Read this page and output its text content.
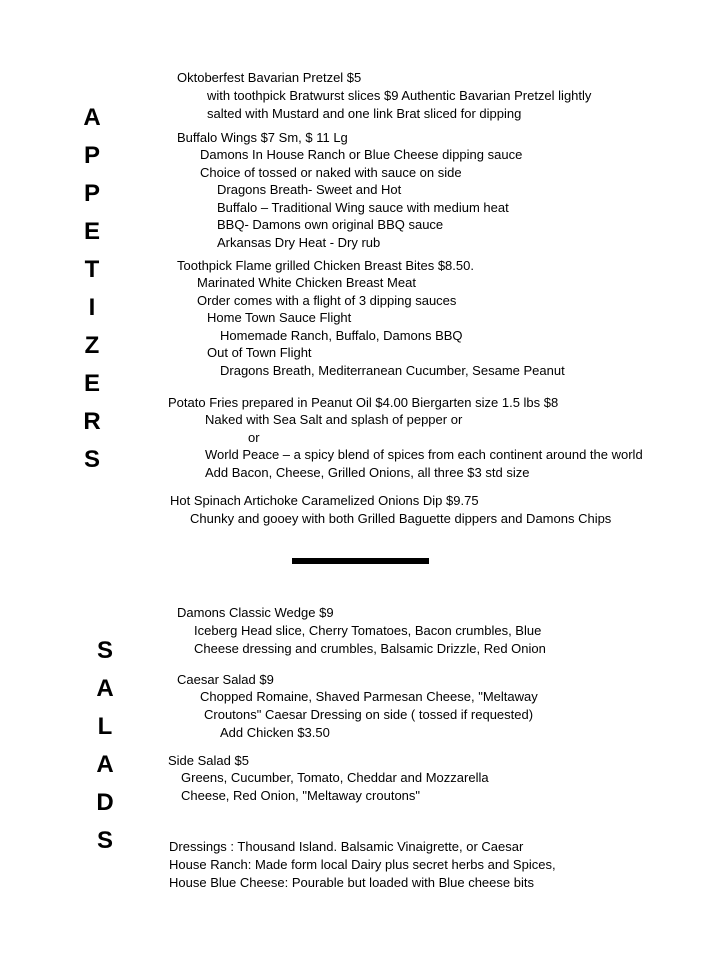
A
P
P
E
T
I
Z
E
R
S
Oktoberfest Bavarian Pretzel $5
with toothpick Bratwurst slices $9 Authentic Bavarian Pretzel lightly
salted with Mustard and one link Brat sliced for dipping
Buffalo Wings $7 Sm, $ 11 Lg
Damons In House Ranch or Blue Cheese dipping sauce
Choice of tossed or naked with sauce on side
Dragons Breath- Sweet and Hot
Buffalo – Traditional Wing sauce with medium heat
BBQ- Damons own original BBQ sauce
Arkansas Dry Heat - Dry rub
Toothpick Flame grilled Chicken Breast Bites $8.50.
Marinated White Chicken Breast Meat
Order comes with a flight of 3 dipping sauces
Home Town Sauce Flight
Homemade Ranch, Buffalo, Damons BBQ
Out of Town Flight
Dragons Breath, Mediterranean Cucumber, Sesame Peanut
Potato Fries prepared in Peanut Oil $4.00 Biergarten size 1.5 lbs $8
Naked with Sea Salt and splash of pepper or
or
World Peace – a spicy blend of spices from each continent around the world
Add Bacon, Cheese, Grilled Onions, all three $3 std size
Hot Spinach Artichoke Caramelized Onions Dip $9.75
Chunky and gooey with both Grilled Baguette dippers and Damons Chips
S
A
L
A
D
S
Damons Classic Wedge $9
Iceberg Head slice, Cherry Tomatoes, Bacon crumbles, Blue
Cheese dressing and crumbles, Balsamic Drizzle, Red Onion
Caesar Salad $9
Chopped Romaine, Shaved Parmesan Cheese, "Meltaway
Croutons" Caesar Dressing on side ( tossed if requested)
Add Chicken $3.50
Side Salad $5
Greens, Cucumber, Tomato, Cheddar and Mozzarella
Cheese, Red Onion, "Meltaway croutons"
Dressings : Thousand Island. Balsamic Vinaigrette, or Caesar
House Ranch: Made form local Dairy plus secret herbs and Spices,
House Blue Cheese: Pourable but loaded with Blue cheese bits
